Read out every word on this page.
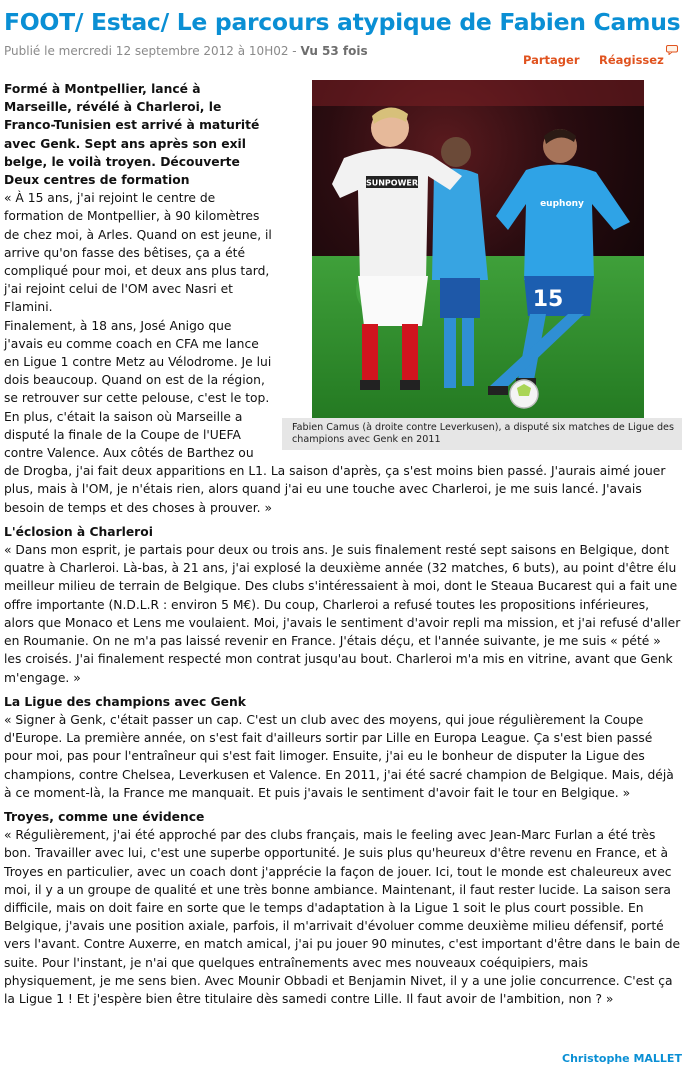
FOOT/ Estac/ Le parcours atypique de Fabien Camus
Publié le mercredi 12 septembre 2012 à 10H02 - Vu 53 fois
Partager Réagissez
SUNPOWER
euphony
15
Fabien Camus (à droite contre Leverkusen), a disputé six matches de Ligue des champions avec Genk en 2011

Formé à Montpellier, lancé à Marseille, révélé à Charleroi, le Franco-Tunisien est arrivé à maturité avec Genk. Sept ans après son exil belge, le voilà troyen. Découverte

Deux centres de formation

« À 15 ans, j'ai rejoint le centre de formation de Montpellier, à 90 kilomètres de chez moi, à Arles. Quand on est jeune, il arrive qu'on fasse des bêtises, ça a été compliqué pour moi, et deux ans plus tard, j'ai rejoint celui de l'OM avec Nasri et Flamini.

Finalement, à 18 ans, José Anigo que j'avais eu comme coach en CFA me lance en Ligue 1 contre Metz au Vélodrome. Je lui dois beaucoup. Quand on est de la région, se retrouver sur cette pelouse, c'est le top.

En plus, c'était la saison où Marseille a disputé la finale de la Coupe de l'UEFA contre Valence. Aux côtés de Barthez ou de Drogba, j'ai fait deux apparitions en L1. La saison d'après, ça s'est moins bien passé. J'aurais aimé jouer plus, mais à l'OM, je n'étais rien, alors quand j'ai eu une touche avec Charleroi, je me suis lancé. J'avais besoin de temps et des choses à prouver. »

L'éclosion à Charleroi

« Dans mon esprit, je partais pour deux ou trois ans. Je suis finalement resté sept saisons en Belgique, dont quatre à Charleroi. Là-bas, à 21 ans, j'ai explosé la deuxième année (32 matches, 6 buts), au point d'être élu meilleur milieu de terrain de Belgique. Des clubs s'intéressaient à moi, dont le Steaua Bucarest qui a fait une offre importante (N.D.L.R : environ 5 M€). Du coup, Charleroi a refusé toutes les propositions inférieures, alors que Monaco et Lens me voulaient. Moi, j'avais le sentiment d'avoir repli ma mission, et j'ai refusé d'aller en Roumanie. On ne m'a pas laissé revenir en France. J'étais déçu, et l'année suivante, je me suis « pété » les croisés. J'ai finalement respecté mon contrat jusqu'au bout. Charleroi m'a mis en vitrine, avant que Genk m'engage. »

La Ligue des champions avec Genk

« Signer à Genk, c'était passer un cap. C'est un club avec des moyens, qui joue régulièrement la Coupe d'Europe. La première année, on s'est fait d'ailleurs sortir par Lille en Europa League. Ça s'est bien passé pour moi, pas pour l'entraîneur qui s'est fait limoger. Ensuite, j'ai eu le bonheur de disputer la Ligue des champions, contre Chelsea, Leverkusen et Valence. En 2011, j'ai été sacré champion de Belgique. Mais, déjà à ce moment-là, la France me manquait. Et puis j'avais le sentiment d'avoir fait le tour en Belgique. »

Troyes, comme une évidence

« Régulièrement, j'ai été approché par des clubs français, mais le feeling avec Jean-Marc Furlan a été très bon. Travailler avec lui, c'est une superbe opportunité. Je suis plus qu'heureux d'être revenu en France, et à Troyes en particulier, avec un coach dont j'apprécie la façon de jouer. Ici, tout le monde est chaleureux avec moi, il y a un groupe de qualité et une très bonne ambiance. Maintenant, il faut rester lucide. La saison sera difficile, mais on doit faire en sorte que le temps d'adaptation à la Ligue 1 soit le plus court possible. En Belgique, j'avais une position axiale, parfois, il m'arrivait d'évoluer comme deuxième milieu défensif, porté vers l'avant. Contre Auxerre, en match amical, j'ai pu jouer 90 minutes, c'est important d'être dans le bain de suite. Pour l'instant, je n'ai que quelques entraînements avec mes nouveaux coéquipiers, mais physiquement, je me sens bien. Avec Mounir Obbadi et Benjamin Nivet, il y a une jolie concurrence. C'est ça la Ligue 1 ! Et j'espère bien être titulaire dès samedi contre Lille. Il faut avoir de l'ambition, non ? »

Christophe MALLET
